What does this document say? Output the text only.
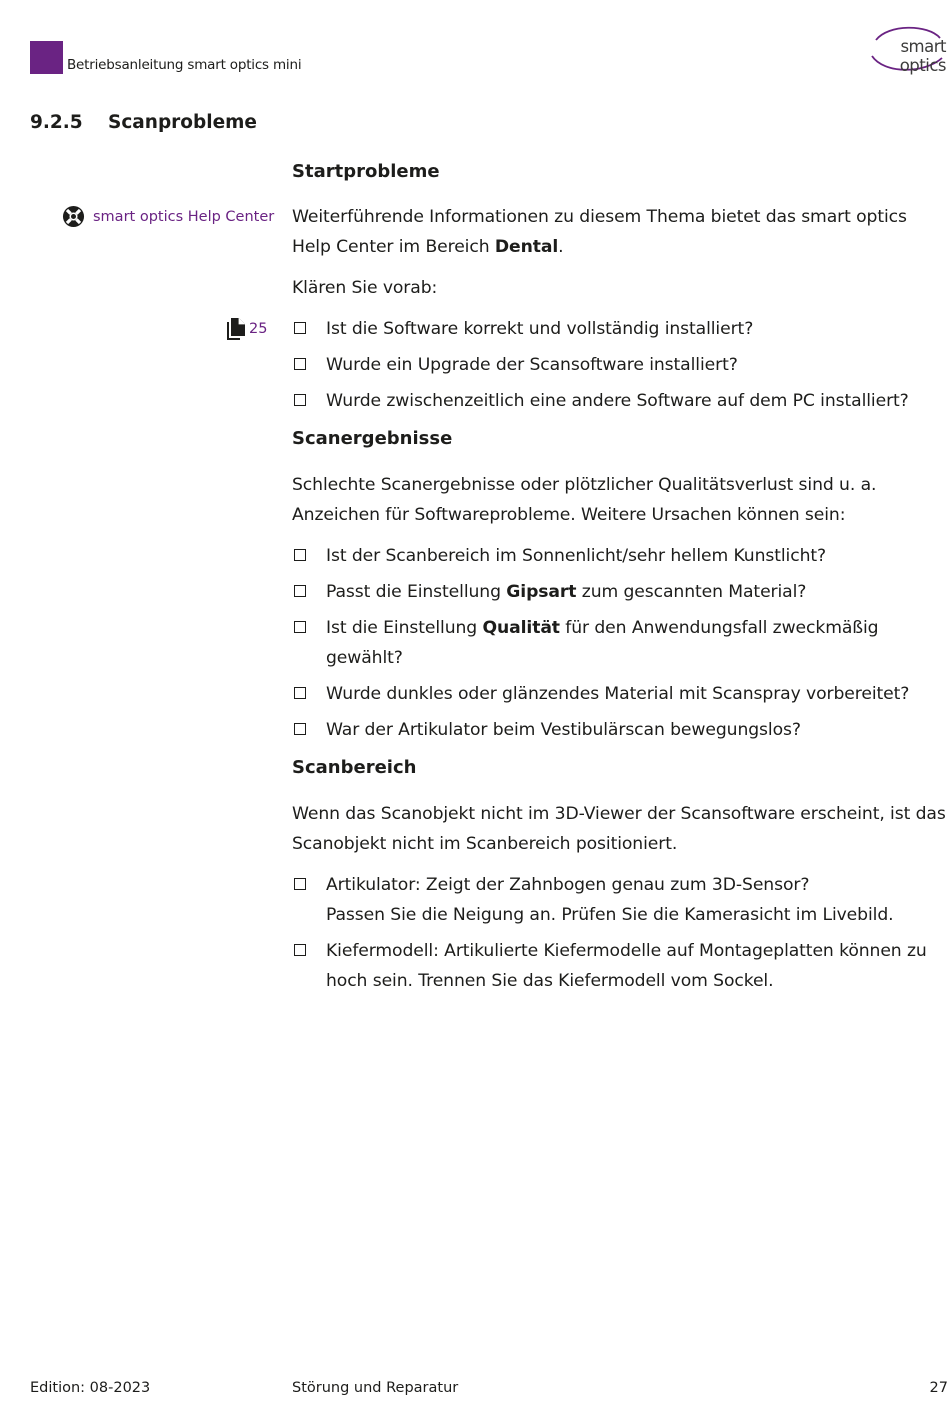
Betriebsanleitung smart optics mini
smart optics
9.2.5 Scanprobleme
smart optics Help Center
25
Startprobleme

Weiterführende Informationen zu diesem Thema bietet das smart optics Help Center im Bereich Dental.

Klären Sie vorab:

Ist die Software korrekt und vollständig installiert?
Wurde ein Upgrade der Scansoftware installiert?
Wurde zwischenzeitlich eine andere Software auf dem PC installiert?
Scanergebnisse

Schlechte Scanergebnisse oder plötzlicher Qualitätsverlust sind u. a. Anzeichen für Softwareprobleme. Weitere Ursachen können sein:

Ist der Scanbereich im Sonnenlicht/sehr hellem Kunstlicht?
Passt die Einstellung Gipsart zum gescannten Material?
Ist die Einstellung Qualität für den Anwendungsfall zweckmäßig gewählt?
Wurde dunkles oder glänzendes Material mit Scanspray vorbereitet?
War der Artikulator beim Vestibulärscan bewegungslos?
Scanbereich

Wenn das Scanobjekt nicht im 3D-Viewer der Scansoftware erscheint, ist das Scanobjekt nicht im Scanbereich positioniert.

Artikulator: Zeigt der Zahnbogen genau zum 3D-Sensor?
Passen Sie die Neigung an. Prüfen Sie die Kamerasicht im Livebild.
Kiefermodell: Artikulierte Kiefermodelle auf Montageplatten können zu hoch sein. Trennen Sie das Kiefermodell vom Sockel.
Edition: 08-2023	Störung und Reparatur	27
